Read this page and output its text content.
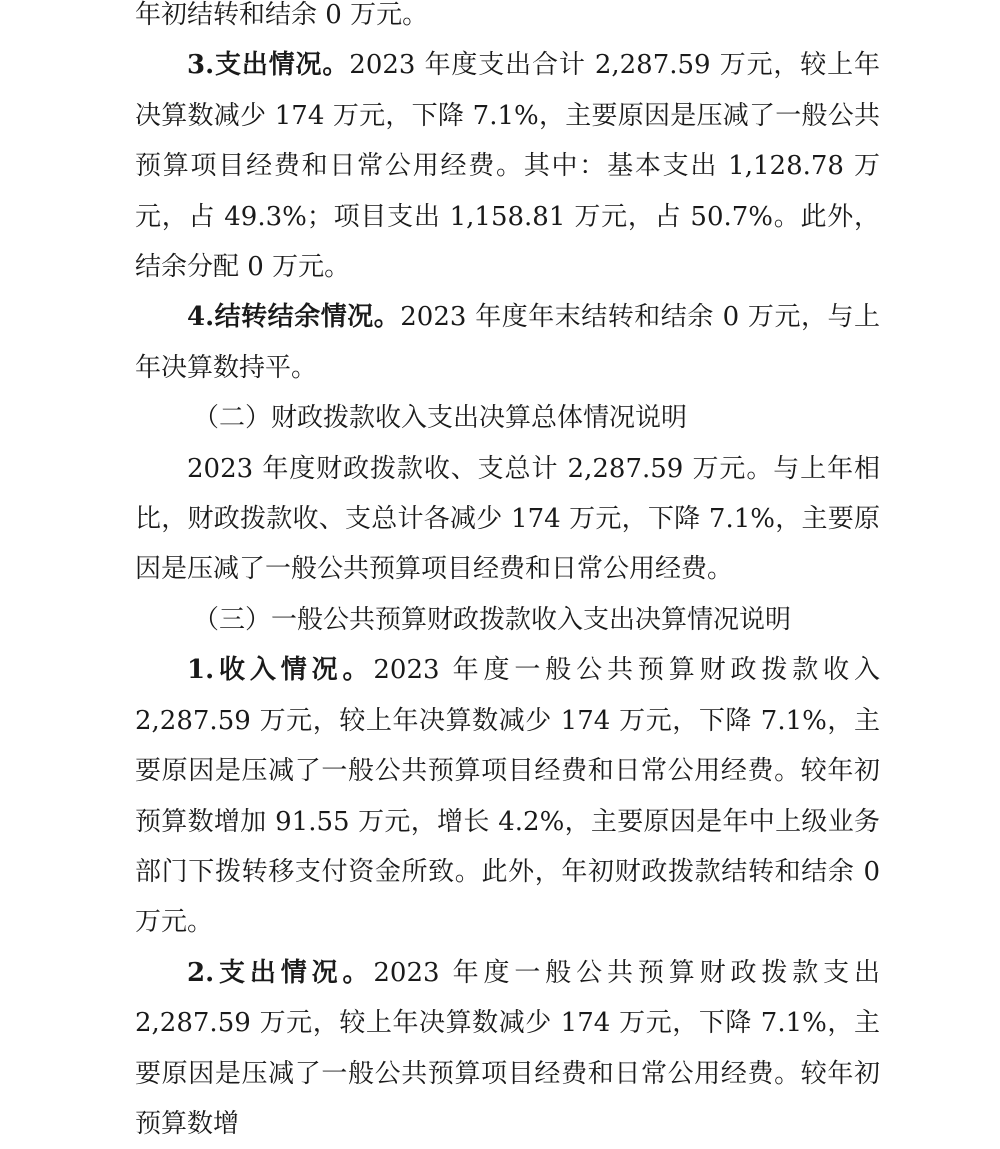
年初结转和结余 0 万元。

3.支出情况。2023 年度支出合计 2,287.59 万元，较上年决算数减少 174 万元，下降 7.1%，主要原因是压减了一般公共预算项目经费和日常公用经费。其中：基本支出 1,128.78 万元，占 49.3%；项目支出 1,158.81 万元，占 50.7%。此外，结余分配 0 万元。

4.结转结余情况。2023 年度年末结转和结余 0 万元，与上年决算数持平。

（二）财政拨款收入支出决算总体情况说明

2023 年度财政拨款收、支总计 2,287.59 万元。与上年相比，财政拨款收、支总计各减少 174 万元，下降 7.1%，主要原因是压减了一般公共预算项目经费和日常公用经费。

（三）一般公共预算财政拨款收入支出决算情况说明

1.收入情况。2023 年度一般公共预算财政拨款收入 2,287.59 万元，较上年决算数减少 174 万元，下降 7.1%，主要原因是压减了一般公共预算项目经费和日常公用经费。较年初预算数增加 91.55 万元，增长 4.2%，主要原因是年中上级业务部门下拨转移支付资金所致。此外，年初财政拨款结转和结余 0 万元。

2.支出情况。2023 年度一般公共预算财政拨款支出 2,287.59 万元，较上年决算数减少 174 万元，下降 7.1%，主要原因是压减了一般公共预算项目经费和日常公用经费。较年初预算数增
